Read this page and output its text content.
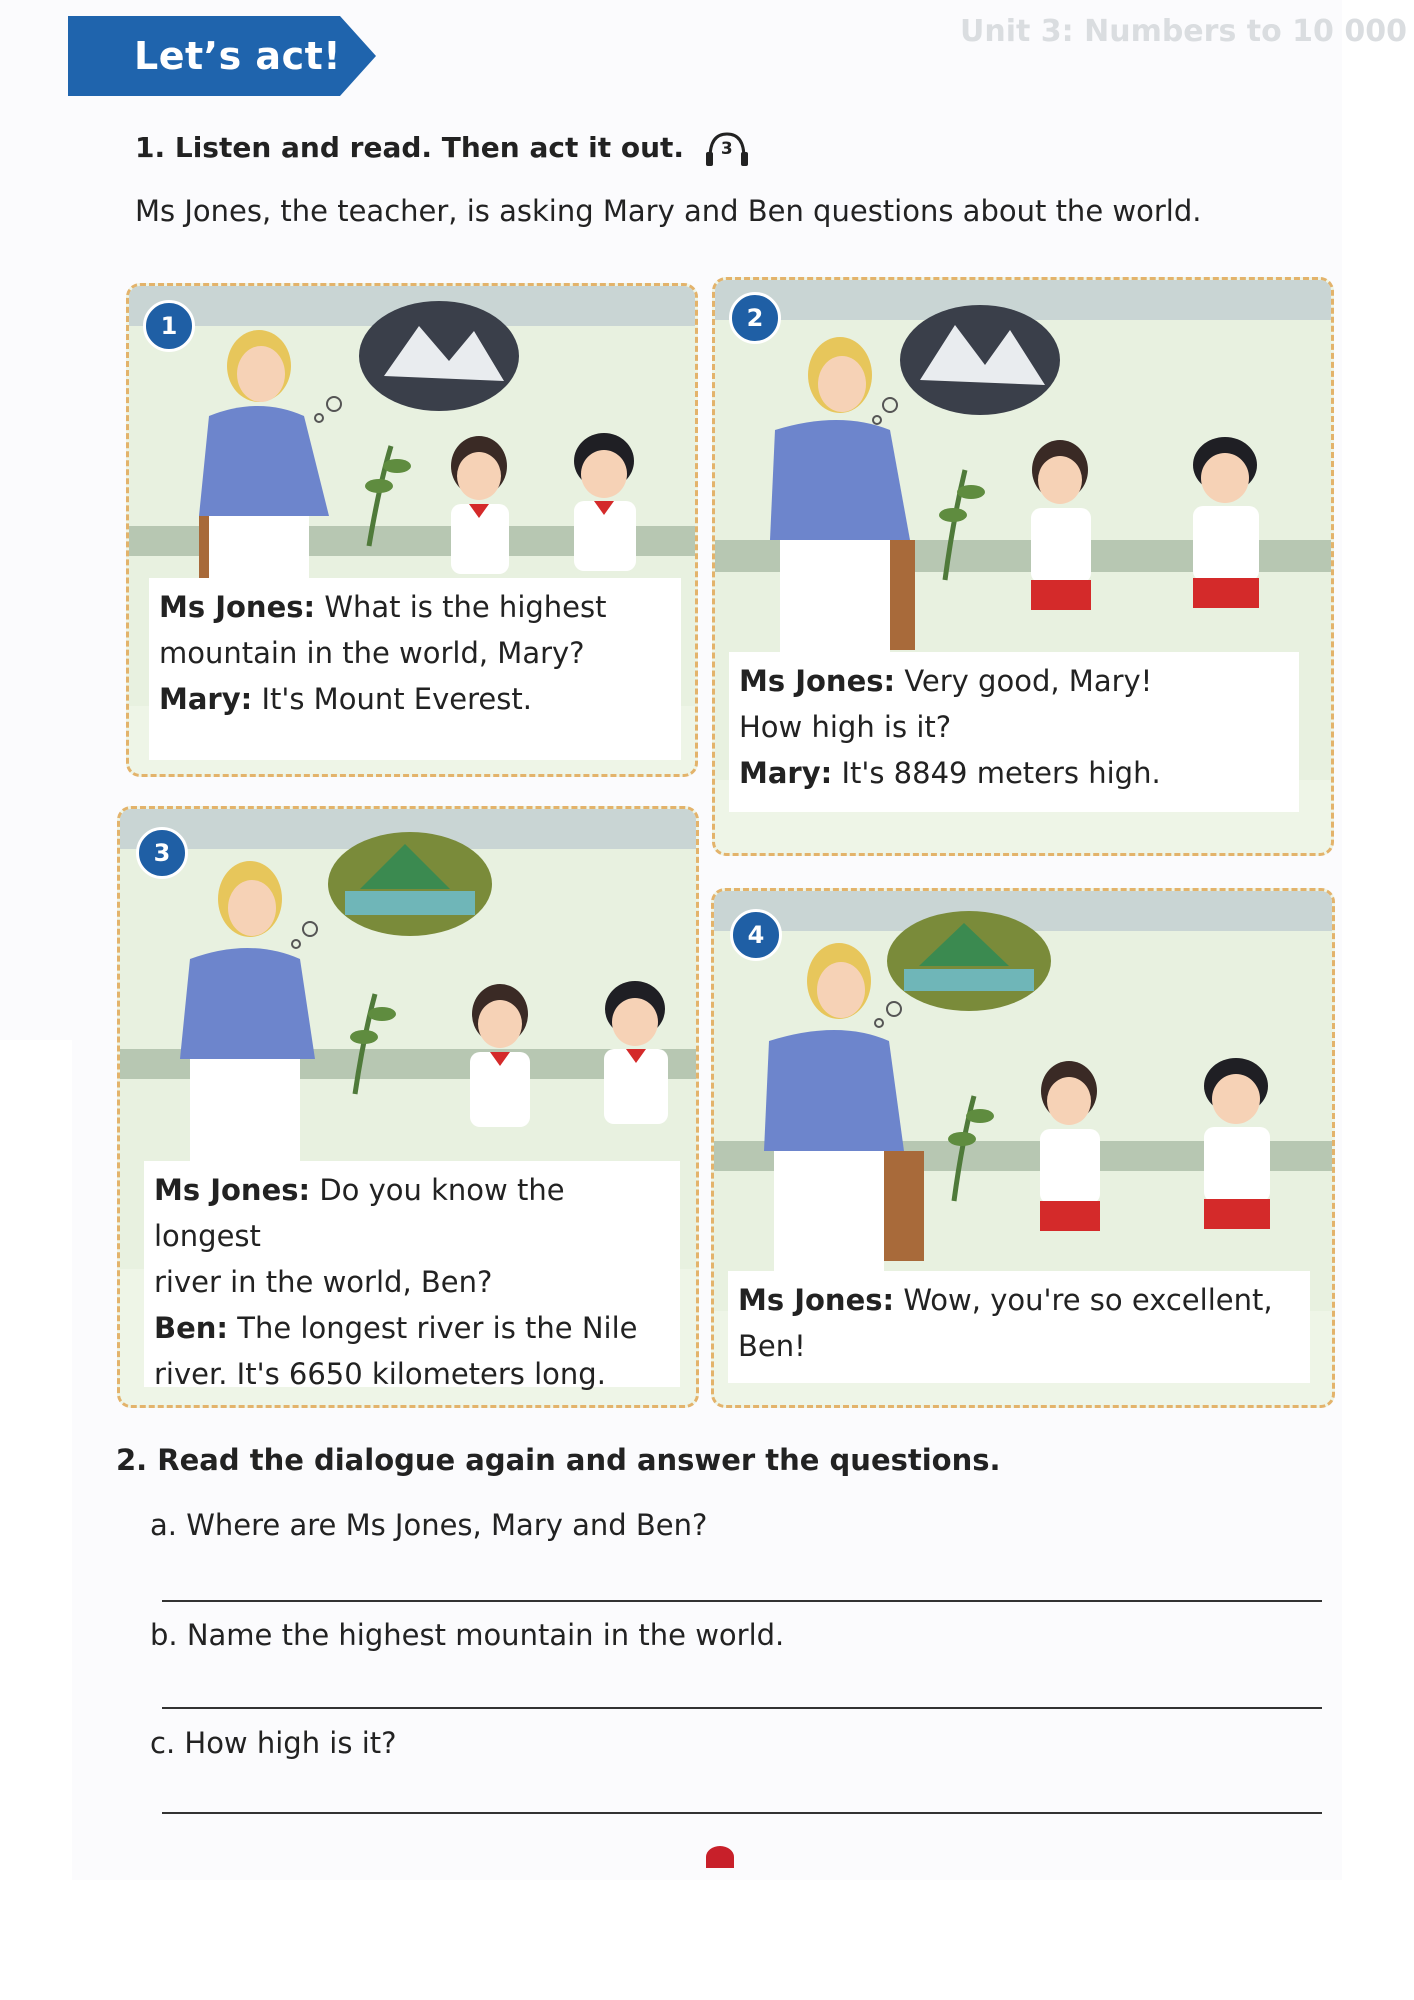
Unit 3: Numbers to 10 000
Let’s act!
1. Listen and read. Then act it out.	3
Ms Jones, the teacher, is asking Mary and Ben questions about the world.
1
Ms Jones: What is the highest
mountain in the world, Mary?
Mary: It's Mount Everest.
2
Ms Jones: Very good, Mary!
How high is it?
Mary: It's 8849 meters high.
3
Ms Jones: Do you know the longest
river in the world, Ben?
Ben: The longest river is the Nile
river. It's 6650 kilometers long.
4
Ms Jones: Wow, you're so excellent,
Ben!
2. Read the dialogue again and answer the questions.
a. Where are Ms Jones, Mary and Ben?
b. Name the highest mountain in the world.
c. How high is it?
